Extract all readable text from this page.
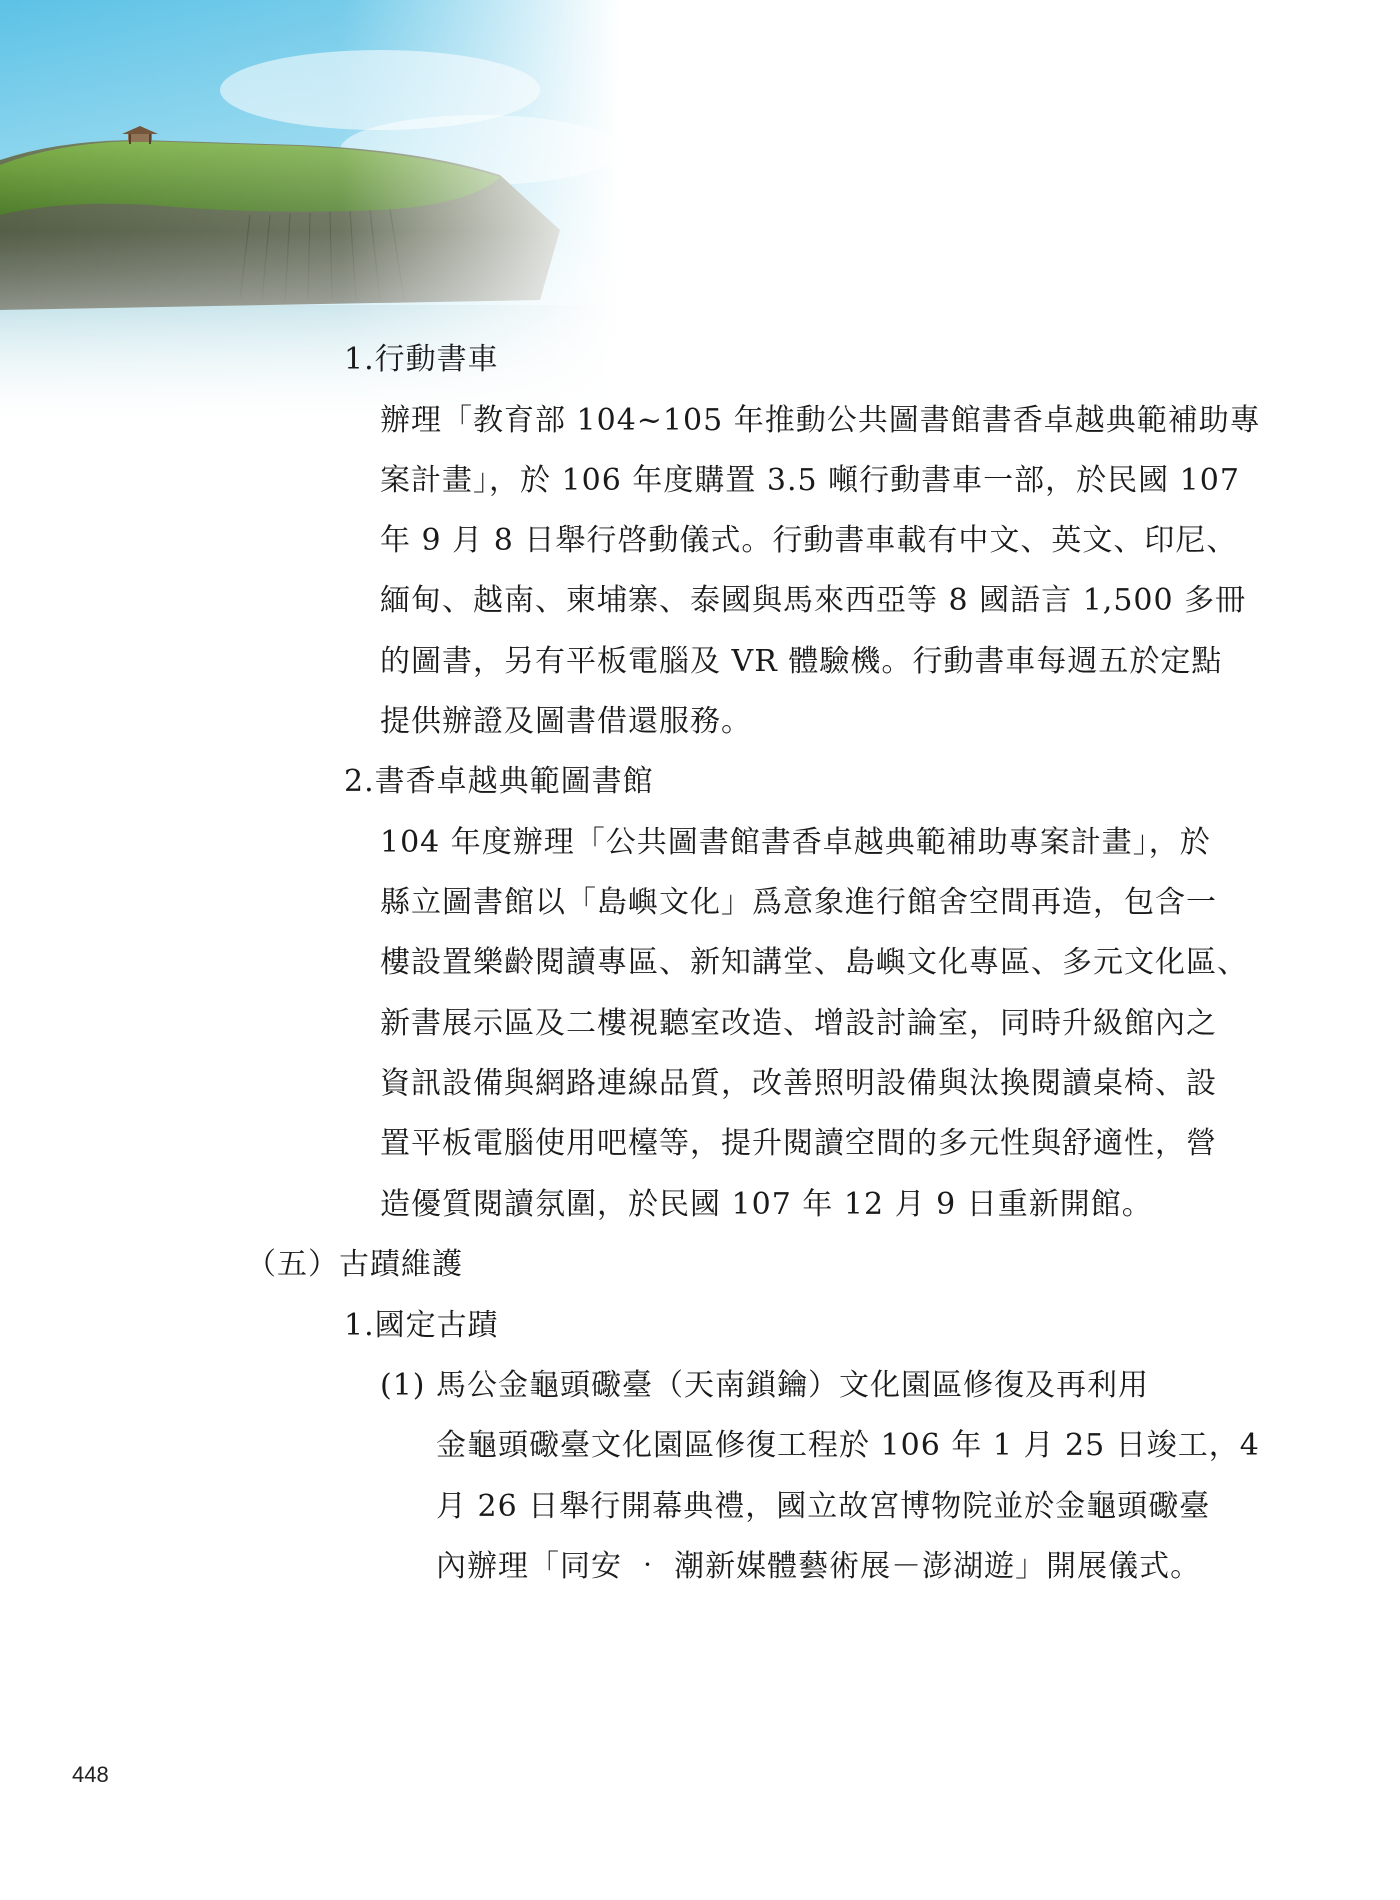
1.行動書車
辦理「教育部 104~105 年推動公共圖書館書香卓越典範補助專
案計畫」，於 106 年度購置 3.5 噸行動書車一部，於民國 107
年 9 月 8 日舉行啓動儀式。行動書車載有中文、英文、印尼、
緬甸、越南、柬埔寨、泰國與馬來西亞等 8 國語言 1,500 多冊
的圖書，另有平板電腦及 VR 體驗機。行動書車每週五於定點
提供辦證及圖書借還服務。
2.書香卓越典範圖書館
104 年度辦理「公共圖書館書香卓越典範補助專案計畫」，於
縣立圖書館以「島嶼文化」爲意象進行館舍空間再造，包含一
樓設置樂齡閱讀專區、新知講堂、島嶼文化專區、多元文化區、
新書展示區及二樓視聽室改造、增設討論室，同時升級館內之
資訊設備與網路連線品質，改善照明設備與汰換閱讀桌椅、設
置平板電腦使用吧檯等，提升閱讀空間的多元性與舒適性，營
造優質閱讀氛圍，於民國 107 年 12 月 9 日重新開館。
（五）古蹟維護
1.國定古蹟
(1) 馬公金龜頭礮臺（天南鎖鑰）文化園區修復及再利用
金龜頭礮臺文化園區修復工程於 106 年 1 月 25 日竣工，4
月 26 日舉行開幕典禮，國立故宮博物院並於金龜頭礮臺
內辦理「同安 ‧ 潮新媒體藝術展－澎湖遊」開展儀式。
448
